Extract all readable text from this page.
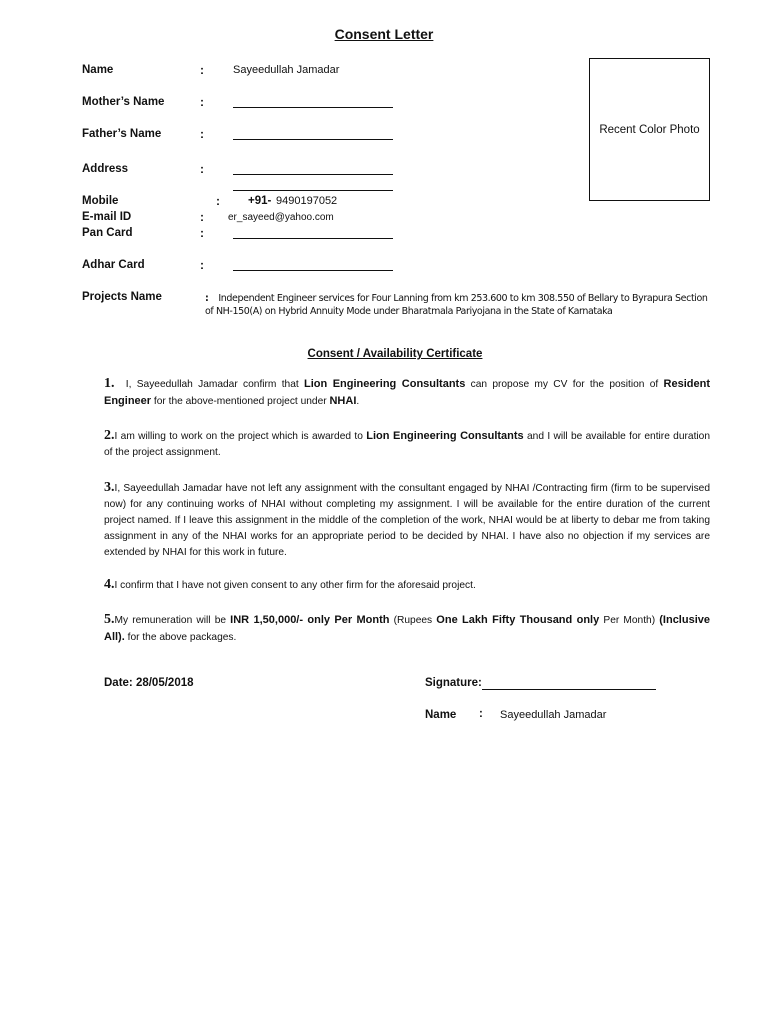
Consent Letter
Name	:	Sayeedullah Jamadar
Mother’s Name	:
Father’s Name	:
Address	:
Mobile	: +91- 9490197052
E-mail ID	: er_sayeed@yahoo.com
Pan Card	:
Adhar Card	:
Projects Name	: Independent Engineer services for Four Lanning from km 253.600 to km 308.550 of Bellary to Byrapura Section of NH-150(A) on Hybrid Annuity Mode under Bharatmala Pariyojana in the State of Karnataka
Recent Color Photo
Consent / Availability Certificate
1. I, Sayeedullah Jamadar confirm that Lion Engineering Consultants can propose my CV for the position of Resident Engineer for the above-mentioned project under NHAI.
2.I am willing to work on the project which is awarded to Lion Engineering Consultants and I will be available for entire duration of the project assignment.
3.I, Sayeedullah Jamadar have not left any assignment with the consultant engaged by NHAI /Contracting firm (firm to be supervised now) for any continuing works of NHAI without completing my assignment. I will be available for the entire duration of the current project named. If I leave this assignment in the middle of the completion of the work, NHAI would be at liberty to debar me from taking assignment in any of the NHAI works for an appropriate period to be decided by NHAI. I have also no objection if my services are extended by NHAI for this work in future.
4.I confirm that I have not given consent to any other firm for the aforesaid project.
5.My remuneration will be INR 1,50,000/- only Per Month (Rupees One Lakh Fifty Thousand only Per Month) (Inclusive All). for the above packages.
Date: 28/05/2018	Signature:
Name : Sayeedullah Jamadar
